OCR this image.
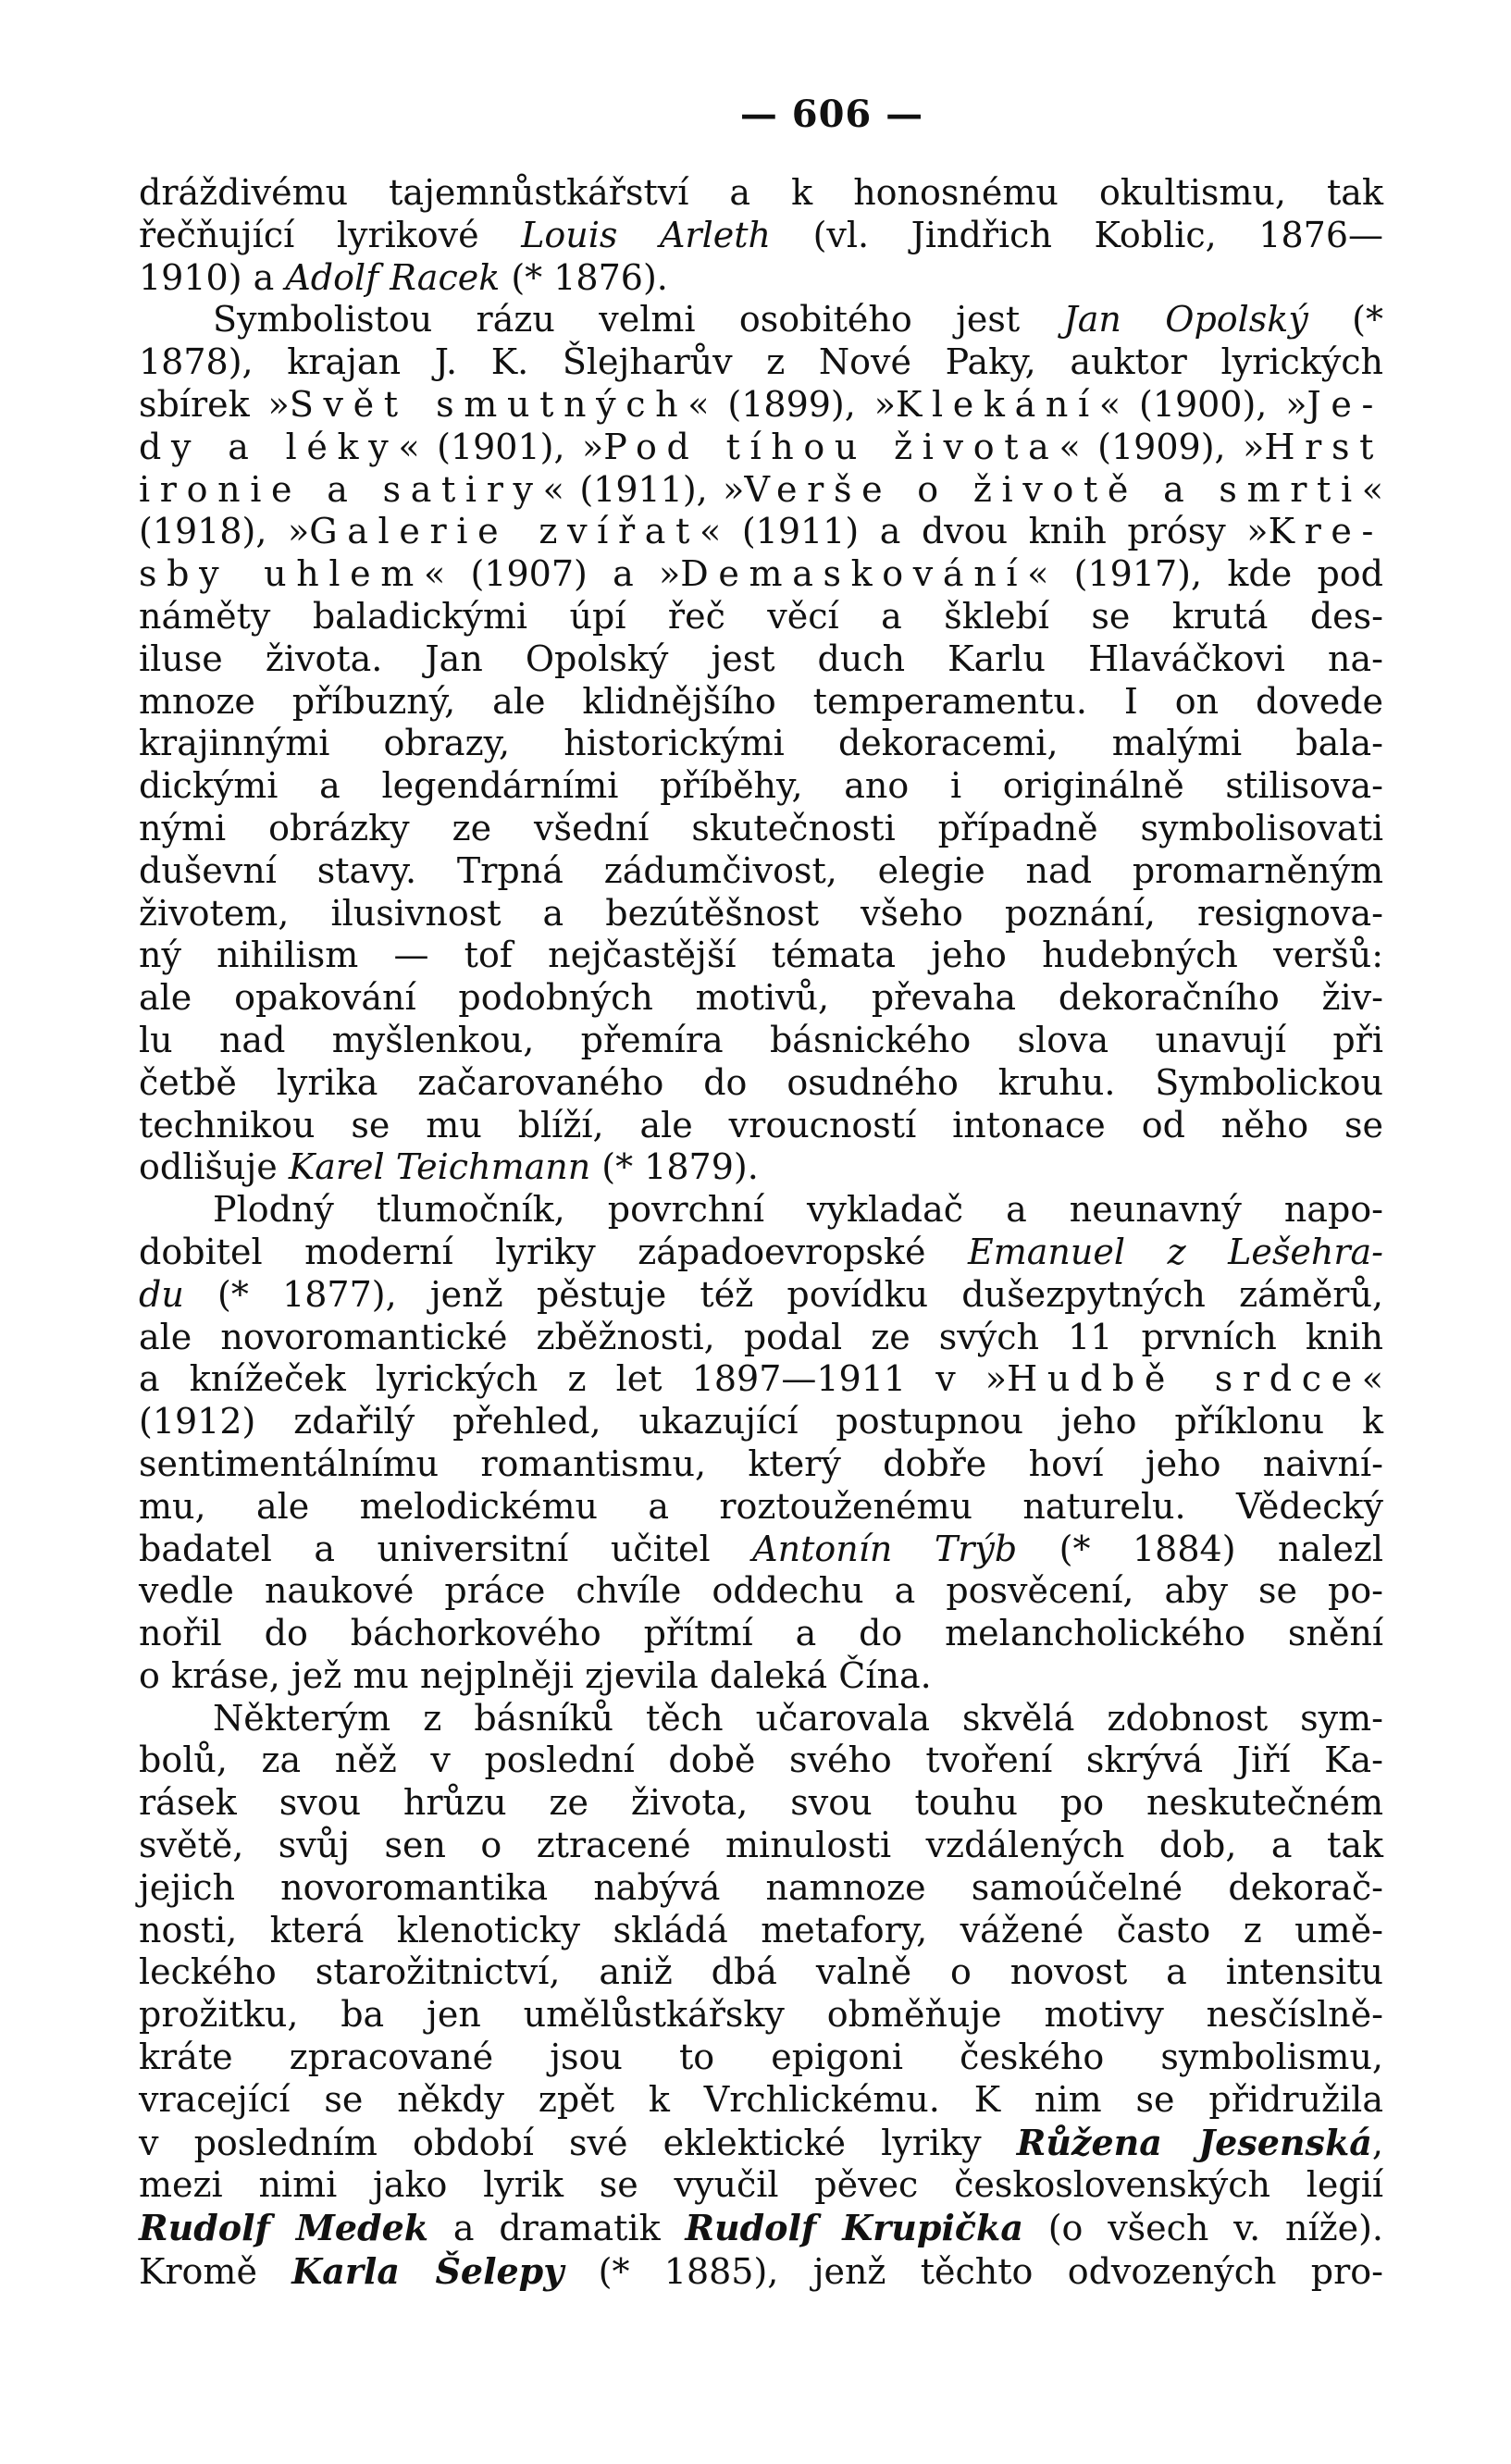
— 606 —
dráždivému tajemnůstkářství a k honosnému okultismu, tak
řečňující lyrikové Louis Arleth (vl. Jindřich Koblic, 1876—
1910) a Adolf Racek (* 1876).
Symbolistou rázu velmi osobitého jest Jan Opolský (*
1878), krajan J. K. Šlejharův z Nové Paky, auktor lyrických
sbírek »Svět smutných« (1899), »Klekání« (1900), »Je-
dy a léky« (1901), »Pod tíhou života« (1909), »Hrst
ironie a satiry« (1911), »Verše o životě a smrti«
(1918), »Galerie zvířat« (1911) a dvou knih prósy »Kre-
sby uhlem« (1907) a »Demaskování« (1917), kde pod
náměty baladickými úpí řeč věcí a šklebí se krutá des-
iluse života. Jan Opolský jest duch Karlu Hlaváčkovi na-
mnoze příbuzný, ale klidnějšího temperamentu. I on dovede
krajinnými obrazy, historickými dekoracemi, malými bala-
dickými a legendárními příběhy, ano i originálně stilisova-
nými obrázky ze všední skutečnosti případně symbolisovati
duševní stavy. Trpná zádumčivost, elegie nad promarněným
životem, ilusivnost a bezútěšnost všeho poznání, resignova-
ný nihilism — tof nejčastější témata jeho hudebných veršů:
ale opakování podobných motivů, převaha dekoračního živ-
lu nad myšlenkou, přemíra básnického slova unavují při
četbě lyrika začarovaného do osudného kruhu. Symbolickou
technikou se mu blíží, ale vroucností intonace od něho se
odlišuje Karel Teichmann (* 1879).
Plodný tlumočník, povrchní vykladač a neunavný napo-
dobitel moderní lyriky západoevropské Emanuel z Lešehra-
du (* 1877), jenž pěstuje též povídku dušezpytných záměrů,
ale novoromantické zběžnosti, podal ze svých 11 prvních knih
a knížeček lyrických z let 1897—1911 v »Hudbě srdce«
(1912) zdařilý přehled, ukazující postupnou jeho příklonu k
sentimentálnímu romantismu, který dobře hoví jeho naivní-
mu, ale melodickému a roztouženému naturelu. Vědecký
badatel a universitní učitel Antonín Trýb (* 1884) nalezl
vedle naukové práce chvíle oddechu a posvěcení, aby se po-
nořil do báchorkového přítmí a do melancholického snění
o kráse, jež mu nejplněji zjevila daleká Čína.
Některým z básníků těch učarovala skvělá zdobnost sym-
bolů, za něž v poslední době svého tvoření skrývá Jiří Ka-
rásek svou hrůzu ze života, svou touhu po neskutečném
světě, svůj sen o ztracené minulosti vzdálených dob, a tak
jejich novoromantika nabývá namnoze samoúčelné dekorač-
nosti, která klenoticky skládá metafory, vážené často z umě-
leckého starožitnictví, aniž dbá valně o novost a intensitu
prožitku, ba jen umělůstkářsky obměňuje motivy nesčíslně-
kráte zpracované jsou to epigoni českého symbolismu,
vracející se někdy zpět k Vrchlickému. K nim se přidružila
v posledním období své eklektické lyriky Růžena Jesenská,
mezi nimi jako lyrik se vyučil pěvec československých legií
Rudolf Medek a dramatik Rudolf Krupička (o všech v. níže).
Kromě Karla Šelepy (* 1885), jenž těchto odvozených pro-
